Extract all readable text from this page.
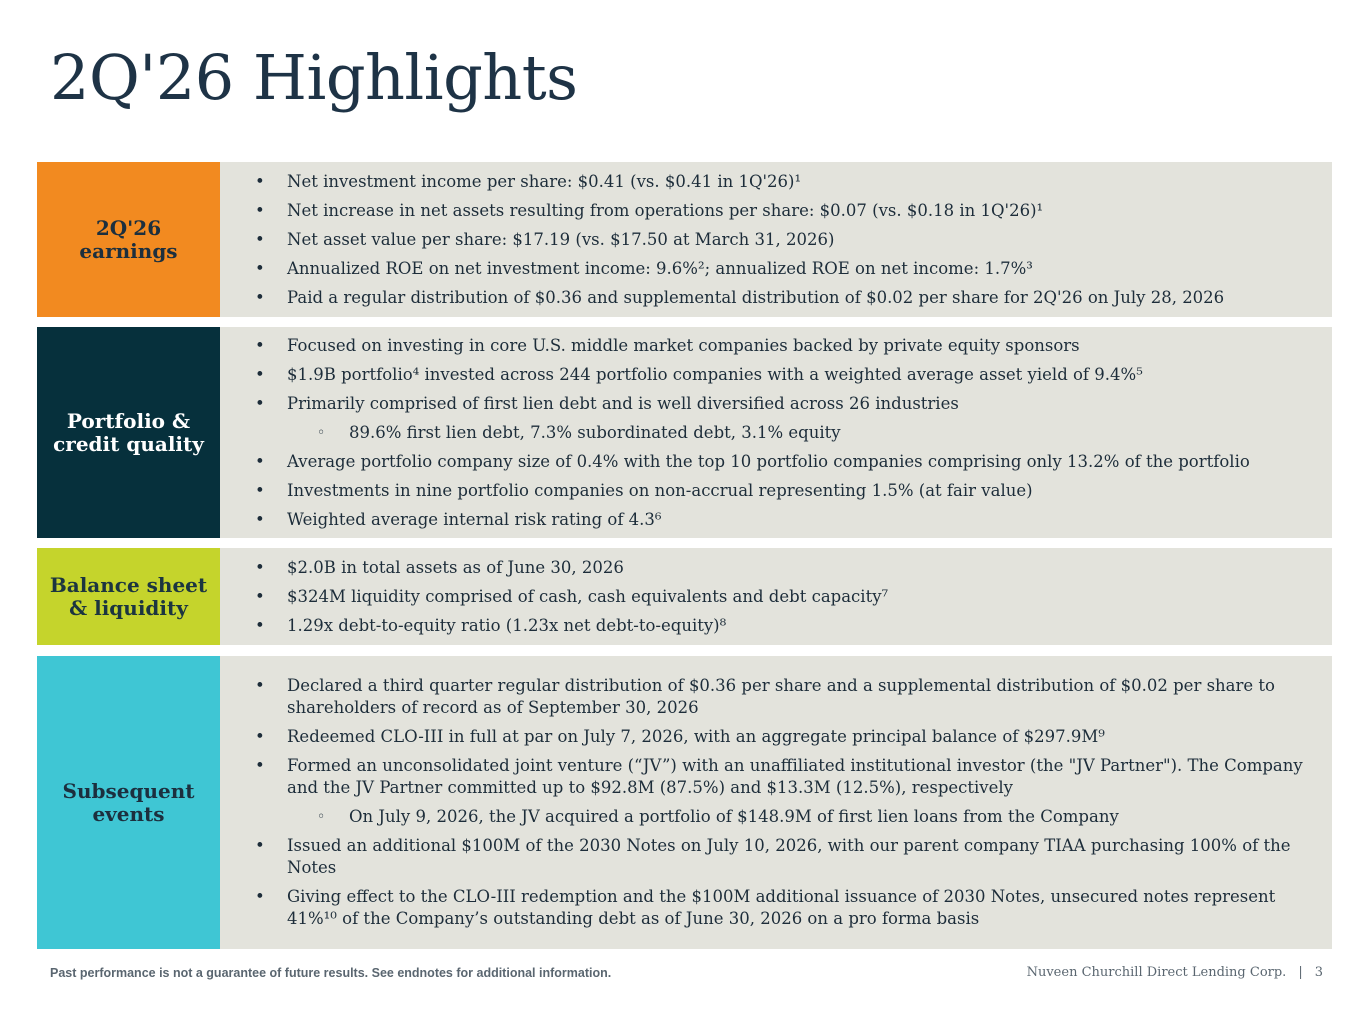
2Q'26 Highlights
2Q'26
earnings
• Net investment income per share: $0.41 (vs. $0.41 in 1Q'26)¹
• Net increase in net assets resulting from operations per share: $0.07 (vs. $0.18 in 1Q'26)¹
• Net asset value per share: $17.19 (vs. $17.50 at March 31, 2026)
• Annualized ROE on net investment income: 9.6%²; annualized ROE on net income: 1.7%³
• Paid a regular distribution of $0.36 and supplemental distribution of $0.02 per share for 2Q'26 on July 28, 2026
Portfolio &
credit quality
• Focused on investing in core U.S. middle market companies backed by private equity sponsors
• $1.9B portfolio⁴ invested across 244 portfolio companies with a weighted average asset yield of 9.4%⁵
• Primarily comprised of first lien debt and is well diversified across 26 industries
◦ 89.6% first lien debt, 7.3% subordinated debt, 3.1% equity
• Average portfolio company size of 0.4% with the top 10 portfolio companies comprising only 13.2% of the portfolio
• Investments in nine portfolio companies on non-accrual representing 1.5% (at fair value)
• Weighted average internal risk rating of 4.3⁶
Balance sheet
& liquidity
• $2.0B in total assets as of June 30, 2026
• $324M liquidity comprised of cash, cash equivalents and debt capacity⁷
• 1.29x debt-to-equity ratio (1.23x net debt-to-equity)⁸
Subsequent
events
• Declared a third quarter regular distribution of $0.36 per share and a supplemental distribution of $0.02 per share to shareholders of record as of September 30, 2026
• Redeemed CLO-III in full at par on July 7, 2026, with an aggregate principal balance of $297.9M⁹
• Formed an unconsolidated joint venture (“JV”) with an unaffiliated institutional investor (the "JV Partner"). The Company and the JV Partner committed up to $92.8M (87.5%) and $13.3M (12.5%), respectively
◦ On July 9, 2026, the JV acquired a portfolio of $148.9M of first lien loans from the Company
• Issued an additional $100M of the 2030 Notes on July 10, 2026, with our parent company TIAA purchasing 100% of the Notes
• Giving effect to the CLO-III redemption and the $100M additional issuance of 2030 Notes, unsecured notes represent 41%¹⁰ of the Company’s outstanding debt as of June 30, 2026 on a pro forma basis
Past performance is not a guarantee of future results. See endnotes for additional information.	Nuveen Churchill Direct Lending Corp. | 3
